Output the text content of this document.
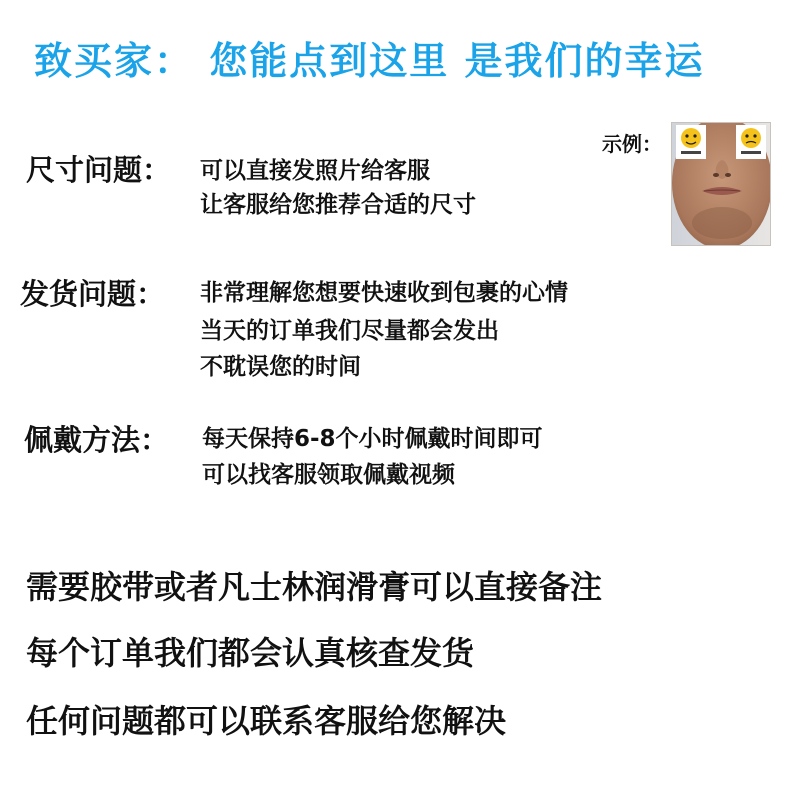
致买家： 您能点到这里 是我们的幸运
尺寸问题： 可以直接发照片给客服
让客服给您推荐合适的尺寸
发货问题： 非常理解您想要快速收到包裹的心情
当天的订单我们尽量都会发出
不耽误您的时间
佩戴方法： 每天保持6-8个小时佩戴时间即可
可以找客服领取佩戴视频
示例：
需要胶带或者凡士林润滑膏可以直接备注
每个订单我们都会认真核查发货
任何问题都可以联系客服给您解决
